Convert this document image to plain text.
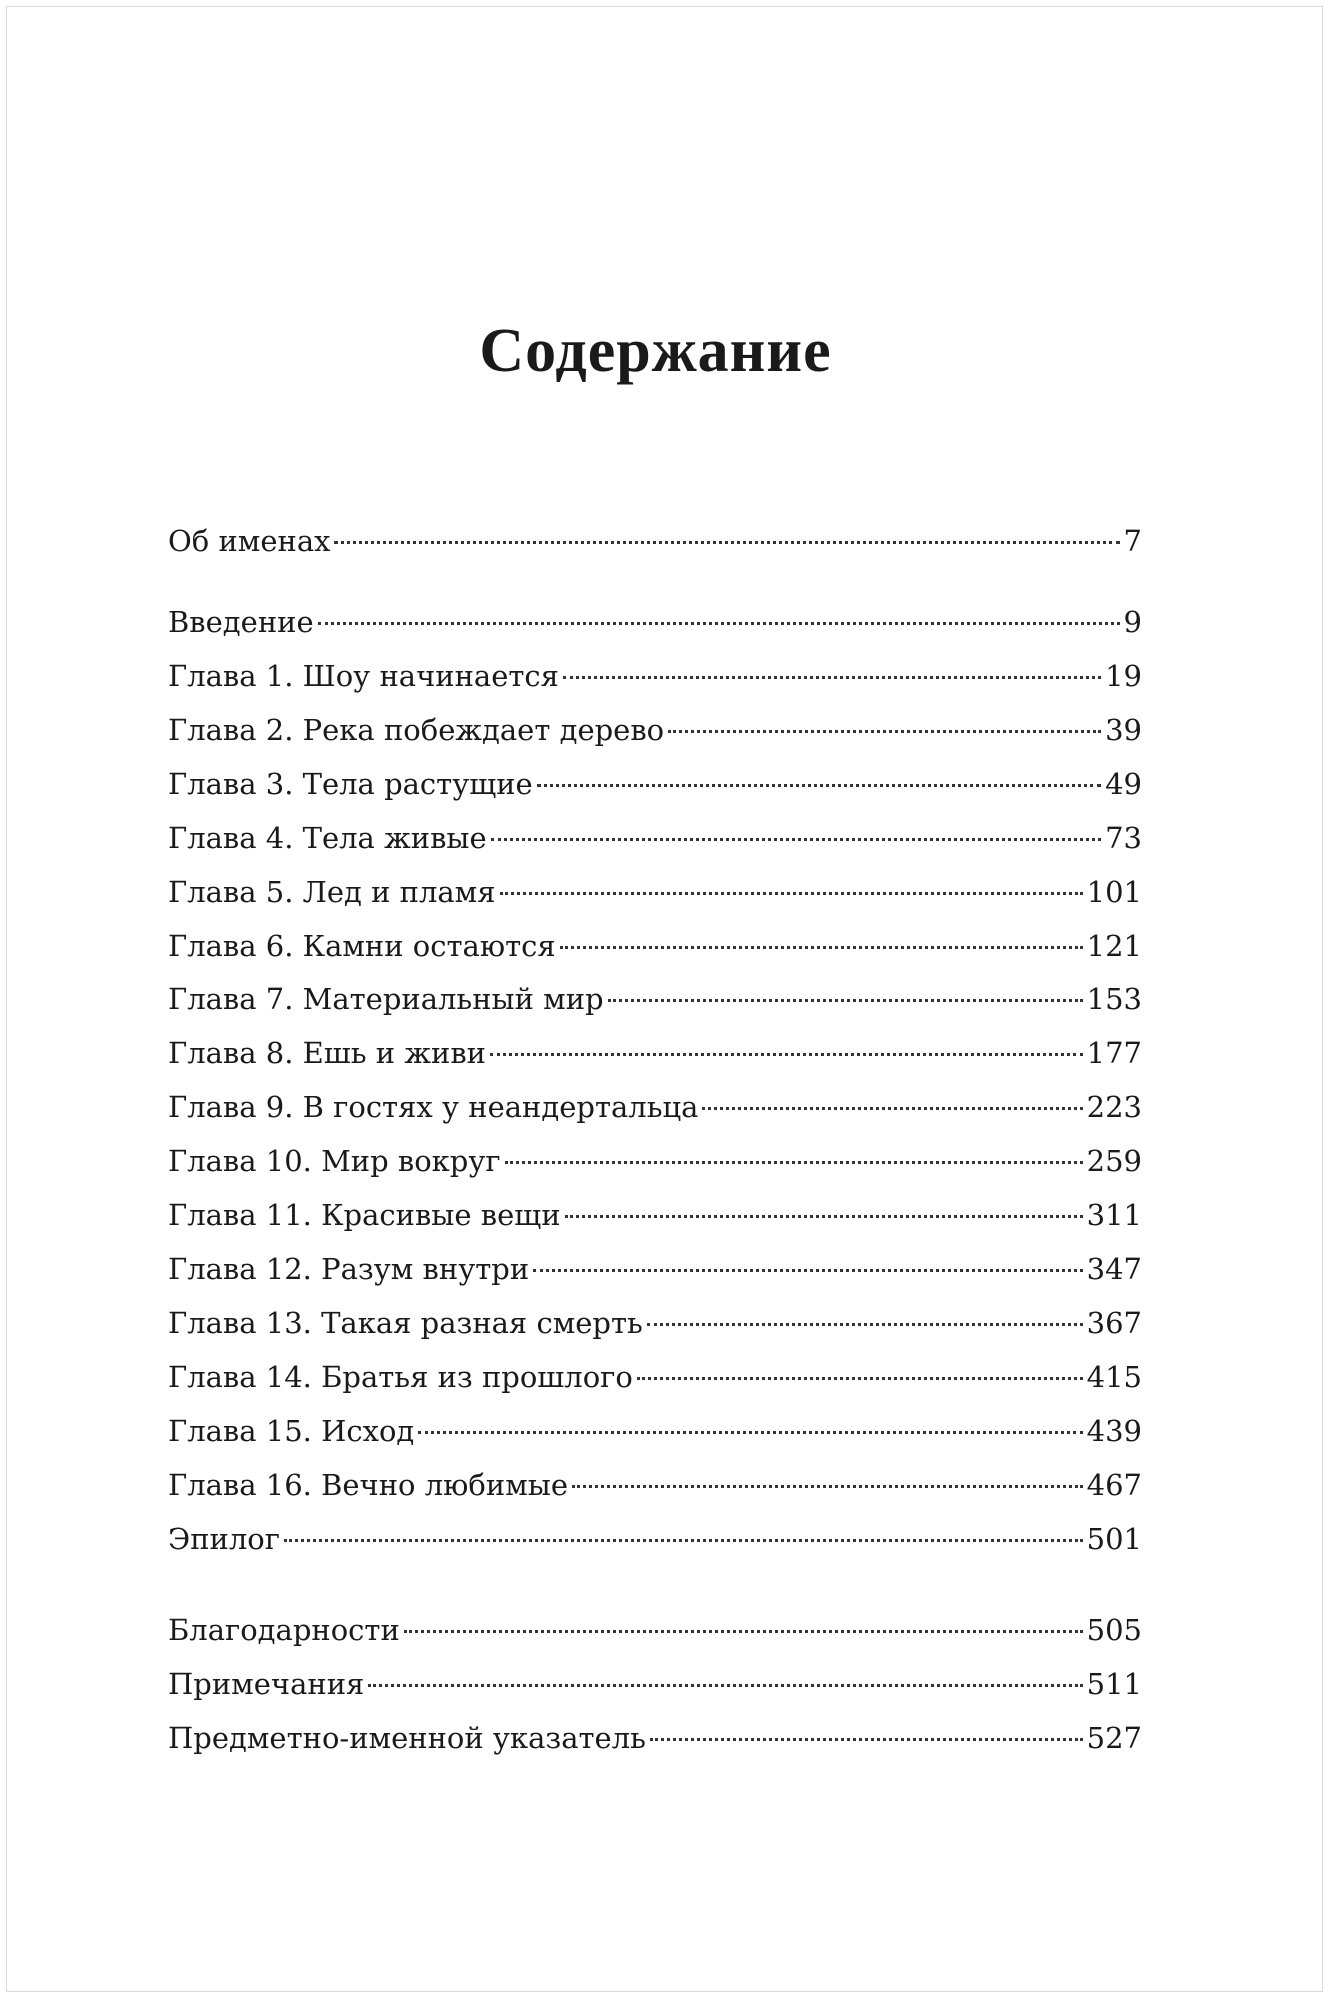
Содержание
Об именах	7
Введение	9
Глава 1. Шоу начинается	19
Глава 2. Река побеждает дерево	39
Глава 3. Тела растущие	49
Глава 4. Тела живые	73
Глава 5. Лед и пламя	101
Глава 6. Камни остаются	121
Глава 7. Материальный мир	153
Глава 8. Ешь и живи	177
Глава 9. В гостях у неандертальца	223
Глава 10. Мир вокруг	259
Глава 11. Красивые вещи	311
Глава 12. Разум внутри	347
Глава 13. Такая разная смерть	367
Глава 14. Братья из прошлого	415
Глава 15. Исход	439
Глава 16. Вечно любимые	467
Эпилог	501
Благодарности	505
Примечания	511
Предметно-именной указатель	527
